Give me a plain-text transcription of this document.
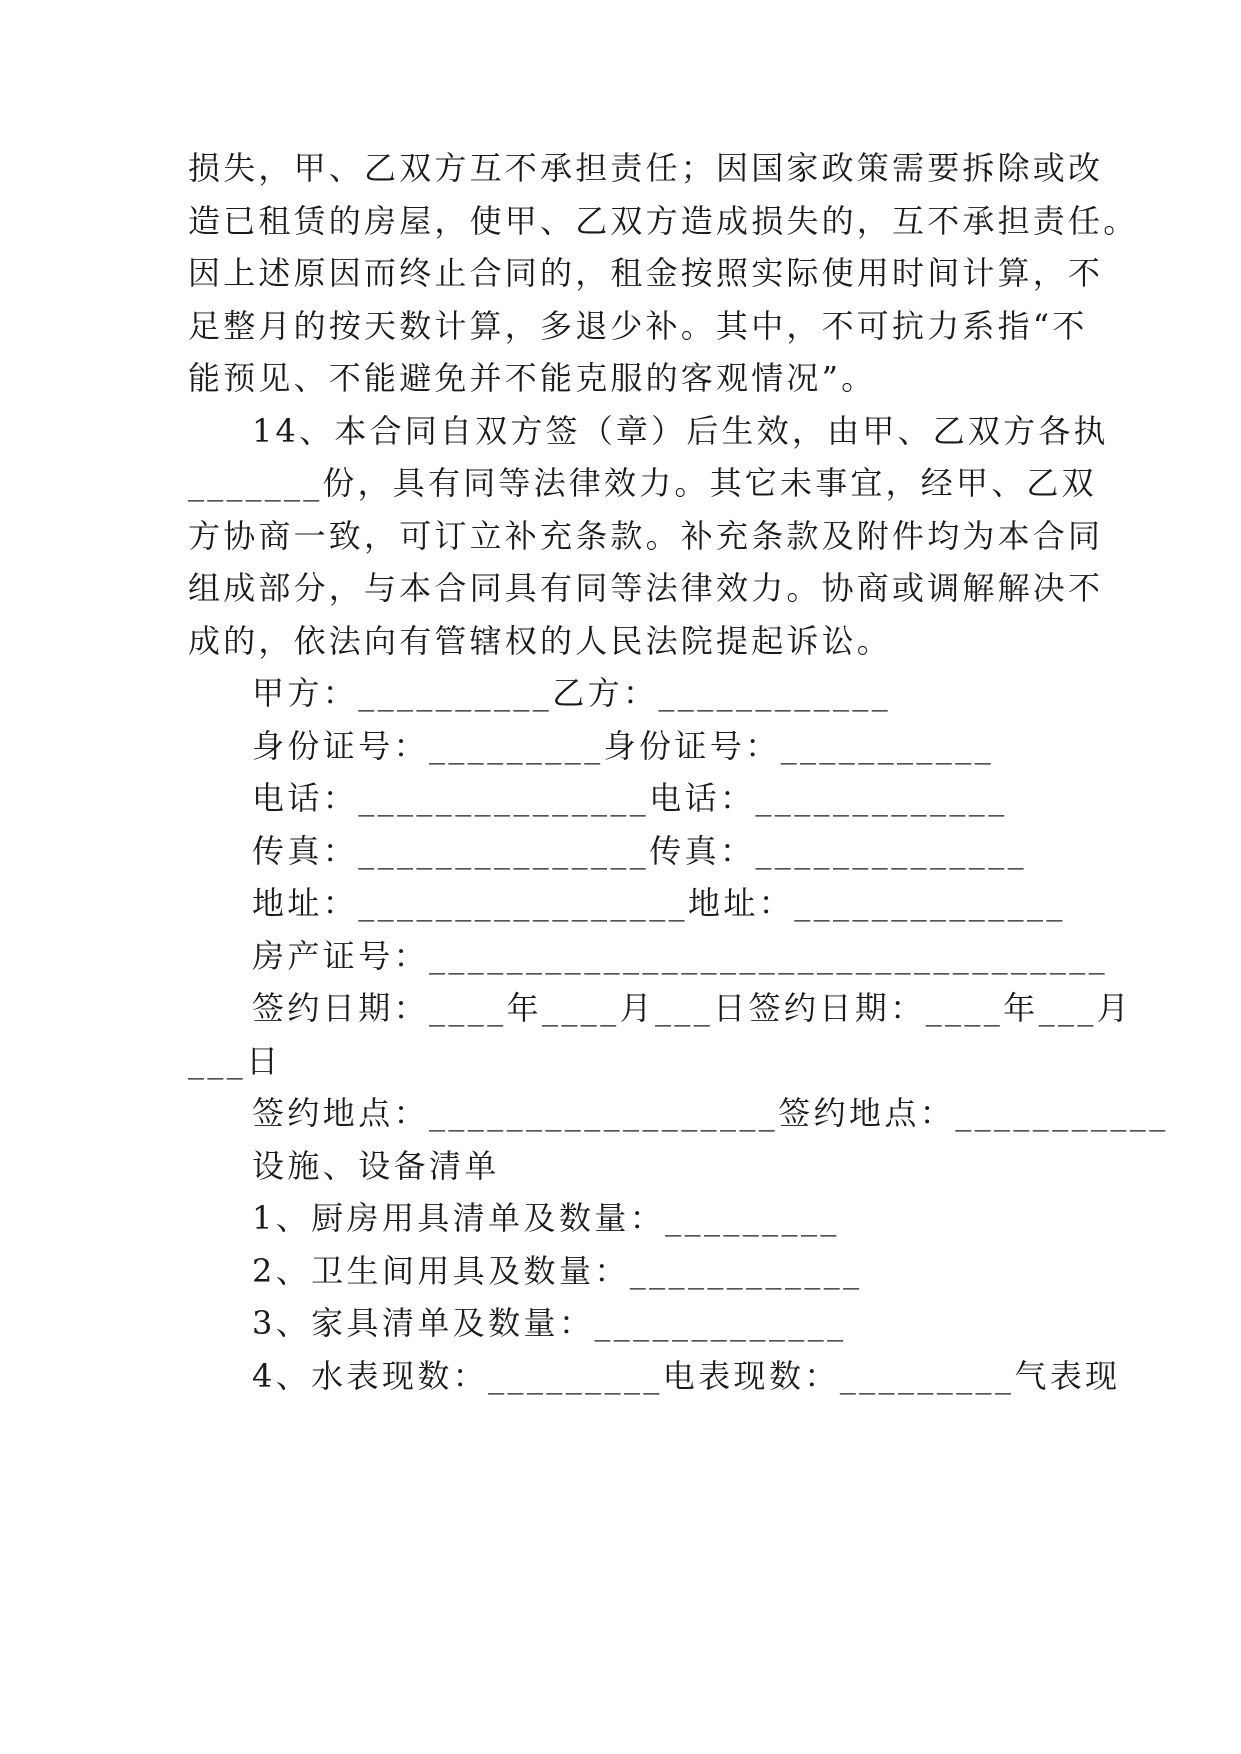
损失，甲、乙双方互不承担责任；因国家政策需要拆除或改
造已租赁的房屋，使甲、乙双方造成损失的，互不承担责任。
因上述原因而终止合同的，租金按照实际使用时间计算，不
足整月的按天数计算，多退少补。其中，不可抗力系指“不
能预见、不能避免并不能克服的客观情况”。
14、本合同自双方签（章）后生效，由甲、乙双方各执
_______份，具有同等法律效力。其它未事宜，经甲、乙双
方协商一致，可订立补充条款。补充条款及附件均为本合同
组成部分，与本合同具有同等法律效力。协商或调解解决不
成的，依法向有管辖权的人民法院提起诉讼。
甲方：__________乙方：____________
身份证号：_________身份证号：___________
电话：_______________电话：_____________
传真：_______________传真：______________
地址：_________________地址：______________
房产证号：___________________________________
签约日期：____年____月___日签约日期：____年___月
___日
签约地点：__________________签约地点：___________
设施、设备清单
1、厨房用具清单及数量：_________
2、卫生间用具及数量：____________
3、家具清单及数量：_____________
4、水表现数：_________电表现数：_________气表现
